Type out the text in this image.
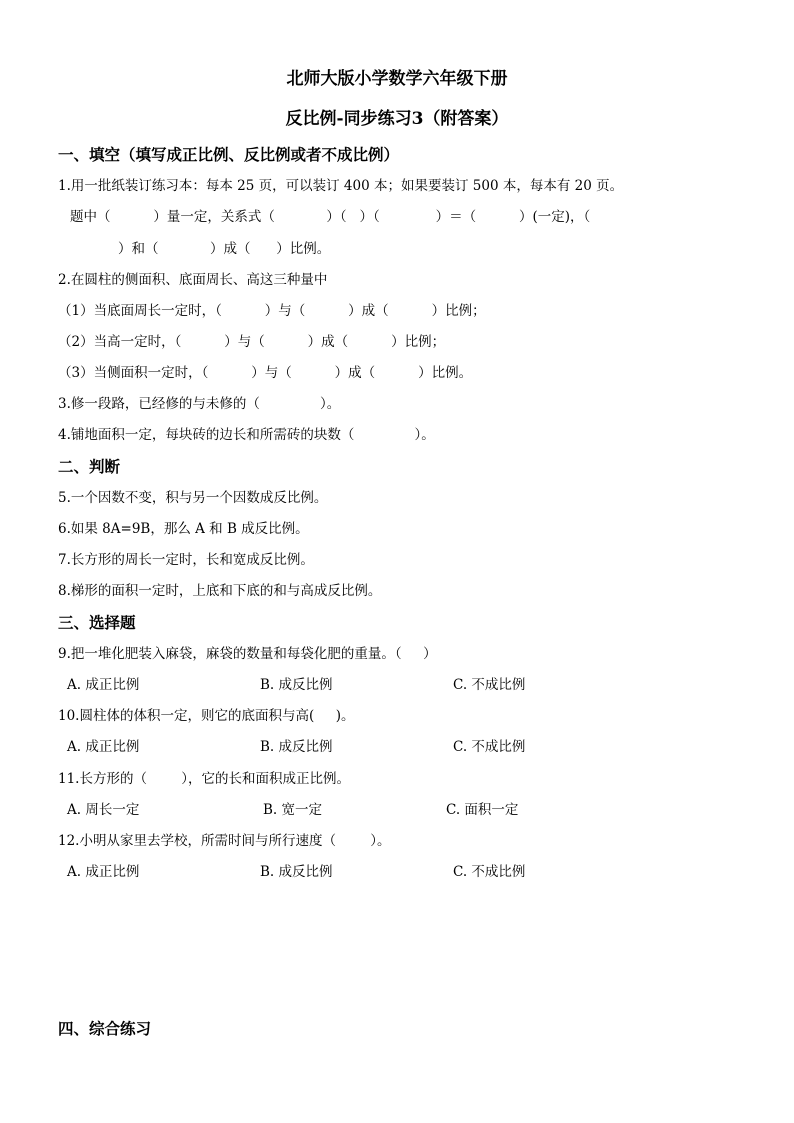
北师大版小学数学六年级下册
反比例-同步练习3（附答案）
一、填空（填写成正比例、反比例或者不成比例）
1.用一批纸装订练习本：每本 25 页，可以装订 400 本；如果要装订 500 本，每本有 20 页。
题中（          ）量一定，关系式（            ）（   ）（             ）＝（          ）(一定)，（
）和（            ）成（      ）比例。
2.在圆柱的侧面积、底面周长、高这三种量中
（1）当底面周长一定时，（          ）与（          ）成（          ）比例；
（2）当高一定时，（          ）与（          ）成（          ）比例；
（3）当侧面积一定时，（          ）与（          ）成（          ）比例。
3.修一段路，已经修的与未修的（              ）。
4.铺地面积一定，每块砖的边长和所需砖的块数（              ）。
二、判断
5.一个因数不变，积与另一个因数成反比例。
6.如果 8A=9B，那么 A 和 B 成反比例。
7.长方形的周长一定时，长和宽成反比例。
8.梯形的面积一定时，上底和下底的和与高成反比例。
三、选择题
9.把一堆化肥装入麻袋，麻袋的数量和每袋化肥的重量。（     ）
A. 成正比例	B. 成反比例	C. 不成比例
10.圆柱体的体积一定，则它的底面积与高(     )。
A. 成正比例	B. 成反比例	C. 不成比例
11.长方形的（        ），它的长和面积成正比例。
A. 周长一定	B. 宽一定	C. 面积一定
12.小明从家里去学校，所需时间与所行速度（        ）。
A. 成正比例	B. 成反比例	C. 不成比例
四、综合练习
